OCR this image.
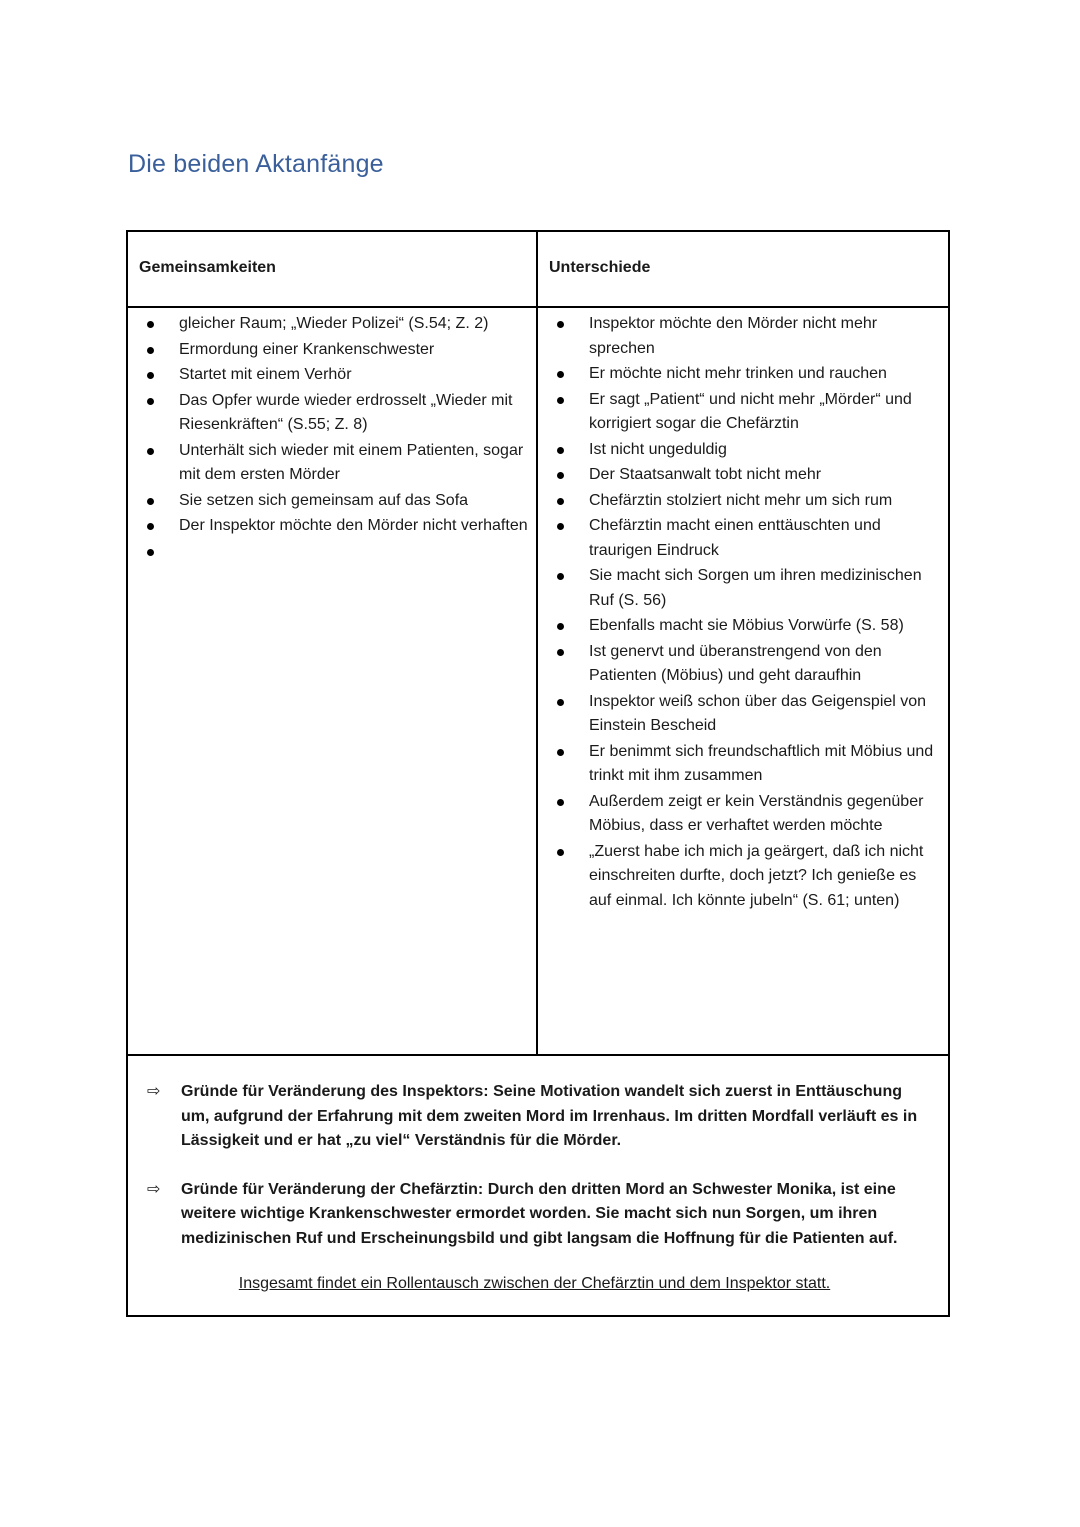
Die beiden Aktanfänge
Gemeinsamkeiten	Unterschiede
gleicher Raum; „Wieder Polizei“ (S.54; Z. 2)
Ermordung einer Krankenschwester
Startet mit einem Verhör
Das Opfer wurde wieder erdrosselt „Wieder mit Riesenkräften“ (S.55; Z. 8)
Unterhält sich wieder mit einem Patienten, sogar mit dem ersten Mörder
Sie setzen sich gemeinsam auf das Sofa
Der Inspektor möchte den Mörder nicht verhaften
Inspektor möchte den Mörder nicht mehr sprechen
Er möchte nicht mehr trinken und rauchen
Er sagt „Patient“ und nicht mehr „Mörder“ und korrigiert sogar die Chefärztin
Ist nicht ungeduldig
Der Staatsanwalt tobt nicht mehr
Chefärztin stolziert nicht mehr um sich rum
Chefärztin macht einen enttäuschten und traurigen Eindruck
Sie macht sich Sorgen um ihren medizinischen Ruf (S. 56)
Ebenfalls macht sie Möbius Vorwürfe (S. 58)
Ist genervt und überanstrengend von den Patienten (Möbius) und geht daraufhin
Inspektor weiß schon über das Geigenspiel von Einstein Bescheid
Er benimmt sich freundschaftlich mit Möbius und trinkt mit ihm zusammen
Außerdem zeigt er kein Verständnis gegenüber Möbius, dass er verhaftet werden möchte
„Zuerst habe ich mich ja geärgert, daß ich nicht einschreiten durfte, doch jetzt? Ich genieße es auf einmal. Ich könnte jubeln“ (S. 61; unten)
⇨ Gründe für Veränderung des Inspektors: Seine Motivation wandelt sich zuerst in Enttäuschung um, aufgrund der Erfahrung mit dem zweiten Mord im Irrenhaus. Im dritten Mordfall verläuft es in Lässigkeit und er hat „zu viel“ Verständnis für die Mörder.
⇨ Gründe für Veränderung der Chefärztin: Durch den dritten Mord an Schwester Monika, ist eine weitere wichtige Krankenschwester ermordet worden. Sie macht sich nun Sorgen, um ihren medizinischen Ruf und Erscheinungsbild und gibt langsam die Hoffnung für die Patienten auf.
Insgesamt findet ein Rollentausch zwischen der Chefärztin und dem Inspektor statt.
